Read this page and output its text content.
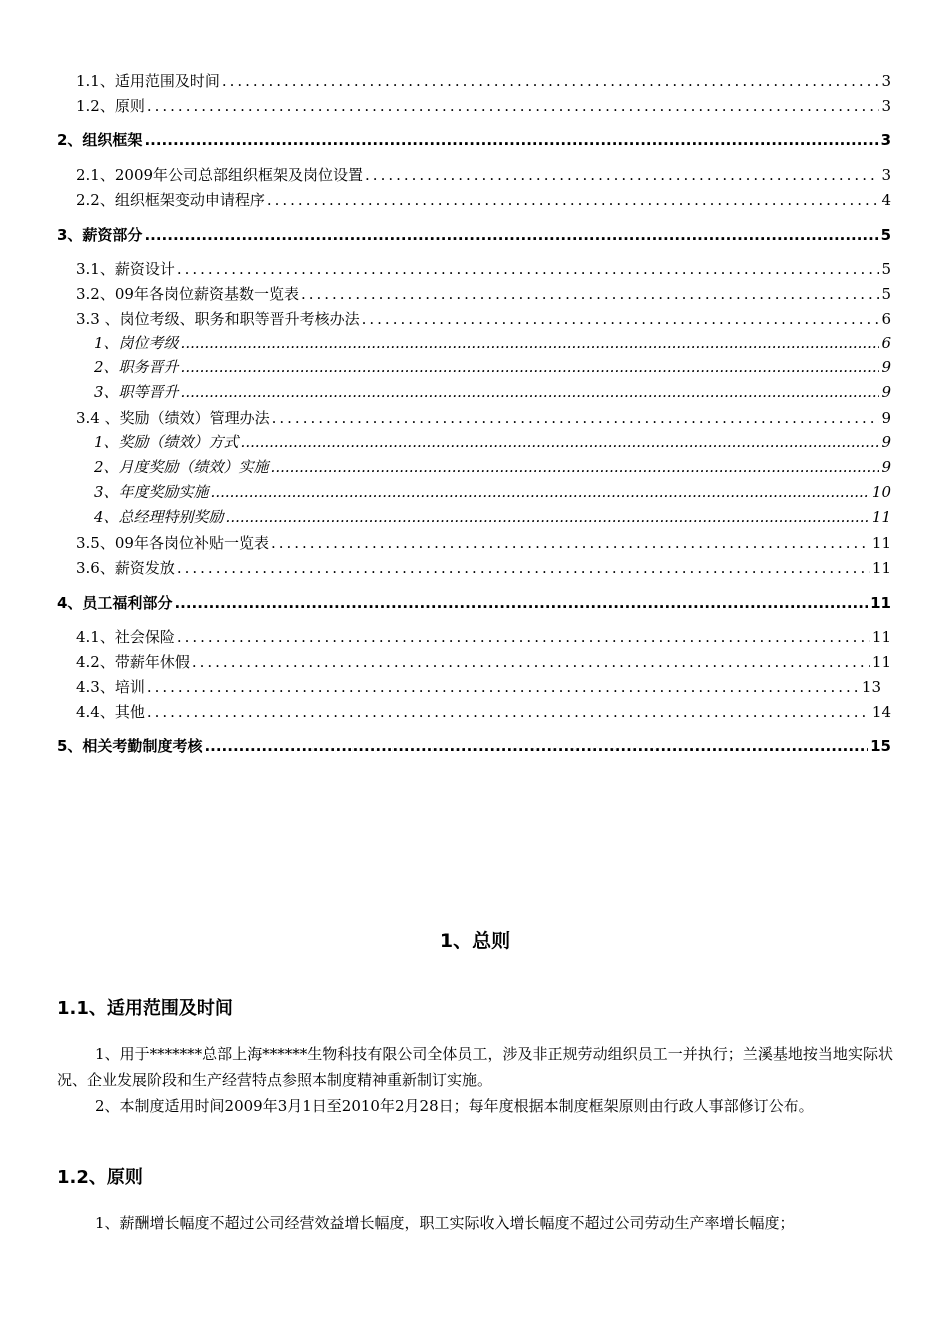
1.1、适用范围及时间 .....	3
1.2、原则 .....	3
2、组织框架 .....	3
2.1、2009年公司总部组织框架及岗位设置 .....	3
2.2、组织框架变动申请程序 .....	4
3、薪资部分 .....	5
3.1、薪资设计 .....	5
3.2、09年各岗位薪资基数一览表 .....	5
3.3 、岗位考级、职务和职等晋升考核办法 .....	6
1、岗位考级 .....	6
2、职务晋升 .....	9
3、职等晋升 .....	9
3.4 、奖励（绩效）管理办法 .....	9
1、奖励（绩效）方式 .....	9
2、月度奖励（绩效）实施 .....	9
3、年度奖励实施 .....	10
4、总经理特别奖励 .....	11
3.5、09年各岗位补贴一览表 .....	11
3.6、薪资发放 .....	11
4、员工福利部分 .....	11
4.1、社会保险 .....	11
4.2、带薪年休假 .....	11
4.3、培训 .....	13
4.4、其他 .....	14
5、相关考勤制度考核 .....	15
1、总则
1.1、适用范围及时间
1、用于*******总部上海******生物科技有限公司全体员工，涉及非正规劳动组织员工一并执行；兰溪基地按当地实际状况、企业发展阶段和生产经营特点参照本制度精神重新制订实施。
2、本制度适用时间2009年3月1日至2010年2月28日；每年度根据本制度框架原则由行政人事部修订公布。
1.2、原则
1、薪酬增长幅度不超过公司经营效益增长幅度，职工实际收入增长幅度不超过公司劳动生产率增长幅度；
